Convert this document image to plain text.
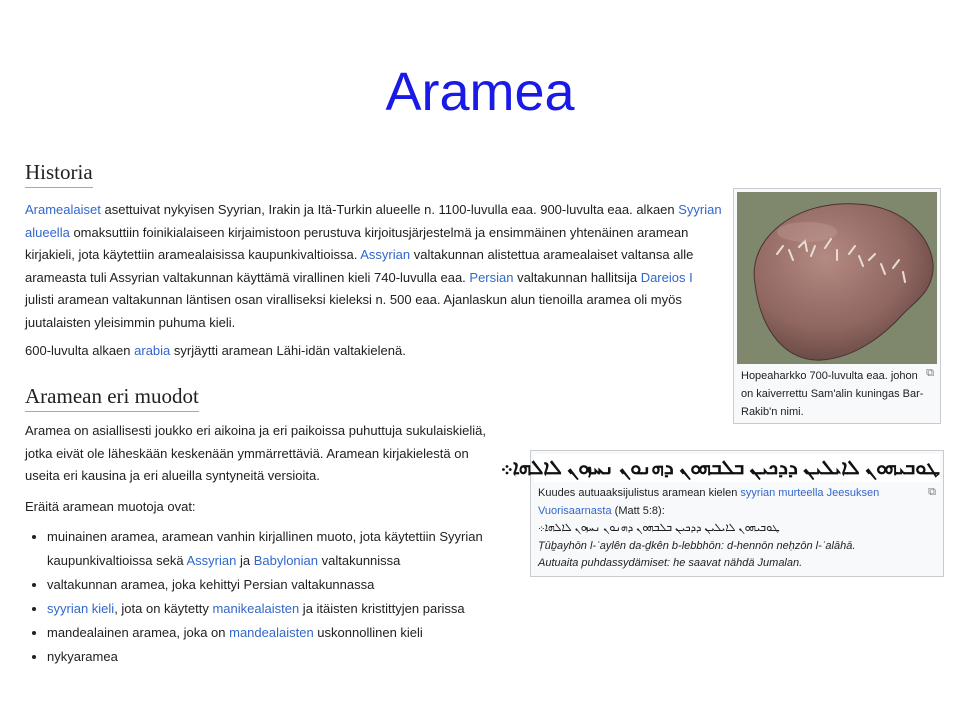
Aramea
Historia

Aramealaiset asettuivat nykyisen Syyrian, Irakin ja Itä-Turkin alueelle n. 1100-luvulla eaa. 900-luvulta eaa. alkaen Syyrian alueella omaksuttiin foinikialaiseen kirjaimistoon perustuva kirjoitusjärjestelmä ja ensimmäinen yhtenäinen aramean kirjakieli, jota käytettiin aramealaisissa kaupunkivaltioissa. Assyrian valtakunnan alistettua aramealaiset valtansa alle arameasta tuli Assyrian valtakunnan käyttämä virallinen kieli 740-luvulla eaa. Persian valtakunnan hallitsija Dareios I julisti aramean valtakunnan läntisen osan viralliseksi kieleksi n. 500 eaa. Ajanlaskun alun tienoilla aramea oli myös juutalaisten yleisimmin puhuma kieli.

600-luvulta alkaen arabia syrjäytti aramean Lähi-idän valtakielenä.

Aramean eri muodot

Aramea on asiallisesti joukko eri aikoina ja eri paikoissa puhuttuja sukulaiskieliä, jotka eivät ole läheskään keskenään ymmärrettäviä. Aramean kirjakielestä on useita eri kausina ja eri alueilla syntyneitä versioita.

Eräitä aramean muotoja ovat:

• muinainen aramea, aramean vanhin kirjallinen muoto, jota käytettiin Syyrian kaupunkivaltioissa sekä Assyrian ja Babylonian valtakunnissa
• valtakunnan aramea, joka kehittyi Persian valtakunnassa
• syyrian kieli, jota on käytetty manikealaisten ja itäisten kristittyjen parissa
• mandealainen aramea, joka on mandealaisten uskonnollinen kieli
• nykyaramea
⧉
Hopeaharkko 700-luvulta eaa. johon on kaiverrettu Sam'alin kuningas Bar-Rakib'n nimi.
ܛܘܒܝܗܘܢ ܠܐܝܠܝܢ ܕܕܟܝܢ ܒܠܒܗܘܢ ܕܗܢܘܢ ܢܚܙܘܢ ܠܐܠܗܐ܀
⧉
Kuudes autuaaksijulistus aramean kielen syyrian murteella Jeesuksen Vuorisaarnasta (Matt 5:8):
ܛܘܒܝܗܘܢ ܠܐܝܠܝܢ ܕܕܟܝܢ ܒܠܒܗܘܢ ܕܗܢܘܢ ܢܚܙܘܢ ܠܐܠܗܐ܀
Ṭūḇayhōn l-ʾaylên da-ḏkên b-lebbhōn: d-hennōn neḥzōn l-ʾalāhā.
Autuaita puhdassydämiset: he saavat nähdä Jumalan.
